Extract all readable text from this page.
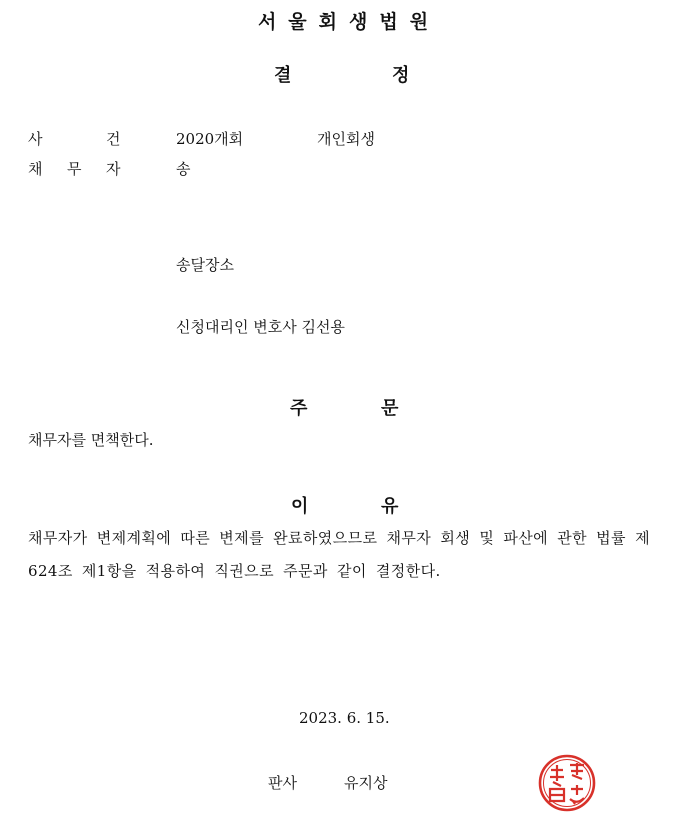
서울회생법원
결	정
사	건	2020개회	개인회생
채 무 자	송
송달장소
신청대리인 변호사 김선용
주	문
채무자를 면책한다.
이	유
채무자가 변제계획에 따른 변제를 완료하였으므로 채무자 회생 및 파산에 관한 법률 제624조 제1항을 적용하여 직권으로 주문과 같이 결정한다.
2023. 6. 15.
판사	유지상
